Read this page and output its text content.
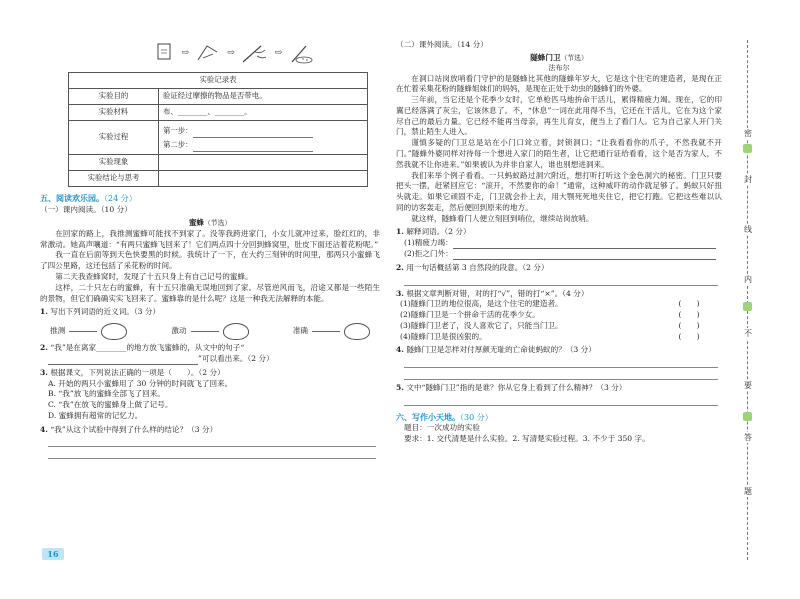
⇨	⇨	⇨
实验记录表	
实验目的	验证经过摩擦的物品是否带电。
实验材料	布、________、________。
实验过程	第一步：
第二步：

实验现象	
实验结论与思考	
五、阅读欢乐园。（24 分）
（一）课内阅读。（10 分）
蜜蜂（节选）

在回家的路上，我推测蜜蜂可能找不到家了。没等我跨进家门，小女儿就冲过来，脸红红的，非常激动。她高声嚷道：“有两只蜜蜂飞回来了！它们两点四十分回到蜂窝里，肚皮下面还沾着花粉呢。”

我一直在后面等到天色快要黑的时候。我统计了一下，在大约三刻钟的时间里，那两只小蜜蜂飞了四公里路，这还包括了采花粉的时间。

第二天我查蜂窝时，发现了十五只身上有自己记号的蜜蜂。

这样，二十只左右的蜜蜂，有十五只准确无误地回到了家。尽管逆风而飞，沿途又都是一些陌生的景物，但它们确确实实飞回来了。蜜蜂靠的是什么呢？这是一种我无法解释的本能。

1. 写出下列词语的近义词。（3 分）
推测	激动	准确
2. “我”是在离家________的地方放飞蜜蜂的，从文中的句子“
”可以看出来。（2 分）
3. 根据课文，下列说法正确的一项是（　　）。（2 分）
A. 开始的两只小蜜蜂用了 30 分钟的时间就飞了回来。
B. “我”放飞的蜜蜂全部飞了回来。
C. “我”在放飞的蜜蜂身上做了记号。
D. 蜜蜂拥有超常的记忆力。
4. “我”从这个试验中得到了什么样的结论？（3 分）
16
（二）课外阅读。（14 分）
隧蜂门卫（节选）
法布尔

在洞口站岗放哨看门守护的是隧蜂比其他的隧蜂年岁大，它是这个住宅的建造者，是现在正在忙着采集花粉的隧蜂姐妹们的妈妈，是现在正处于幼虫的隧蜂们的外婆。

三年前，当它还是个花季少女时，它单枪匹马地拚命干活儿，累得精疲力竭。现在，它的印翼已经落满了灰尘，它该休息了。不，“休息”一词在此用得不当，它还在干活儿，它在为这个家尽自己的最后力量。它已经不能再当母亲，再生儿育女，便当上了看门人。它为自己家人开门关门，禁止陌生人进入。

谨慎多疑的门卫总是站在小门口耸立着，封锁洞口；“让我看看你的爪子，不然我就不开门。”隧蜂外婆同样对待每一个想进入家门的陌生者，让它把通行证给看看，这个是否为家人，不然我就不让你进来。”如果被认为并非自家人，谁也别想进洞来。

我们来举个例子看看。一只蚂蚁路过洞穴附近，想打听打听这个金色洞穴的秘密。门卫只要把头一摆，赶紧回应它：“滚开，不然要你的命！”通常，这种威吓的动作就足够了。蚂蚁只好扭头就走。如果它顽固不走，门卫就会扑上去，用大颚死死地夹住它，把它打跑。它把这些难以认同的访客轰走，然后便回到原来的地方。

就这样，隧蜂看门人便立刻回到哨位，继续站岗放哨。

1. 解释词语。（2 分）
(1)精疲力竭：
(2)拒之门外：
2. 用一句话概括第 3 自然段的段意。（2 分）
3. 根据文章判断对错，对的打“√”，错的打“×”。（4 分）
(1)隧蜂门卫的地位很高，是这个住宅的建造者。	(　　)
(2)隧蜂门卫是一个拼命干活的花季少女。	(　　)
(3)隧蜂门卫老了，没人喜欢它了，只能当门卫。	(　　)
(4)隧蜂门卫是很凶狠的。	(　　)
4. 隧蜂门卫是怎样对付厚颜无耻的亡命徒蚂蚁的？（3 分）
5. 文中“隧蜂门卫”指的是谁？你从它身上看到了什么精神？（3 分）
六、写作小天地。（30 分）
题目：一次成功的实验
要求：1. 交代清楚是什么实验。2. 写清楚实验过程。3. 不少于 350 字。
密
封
线
内
不
要
答
题
